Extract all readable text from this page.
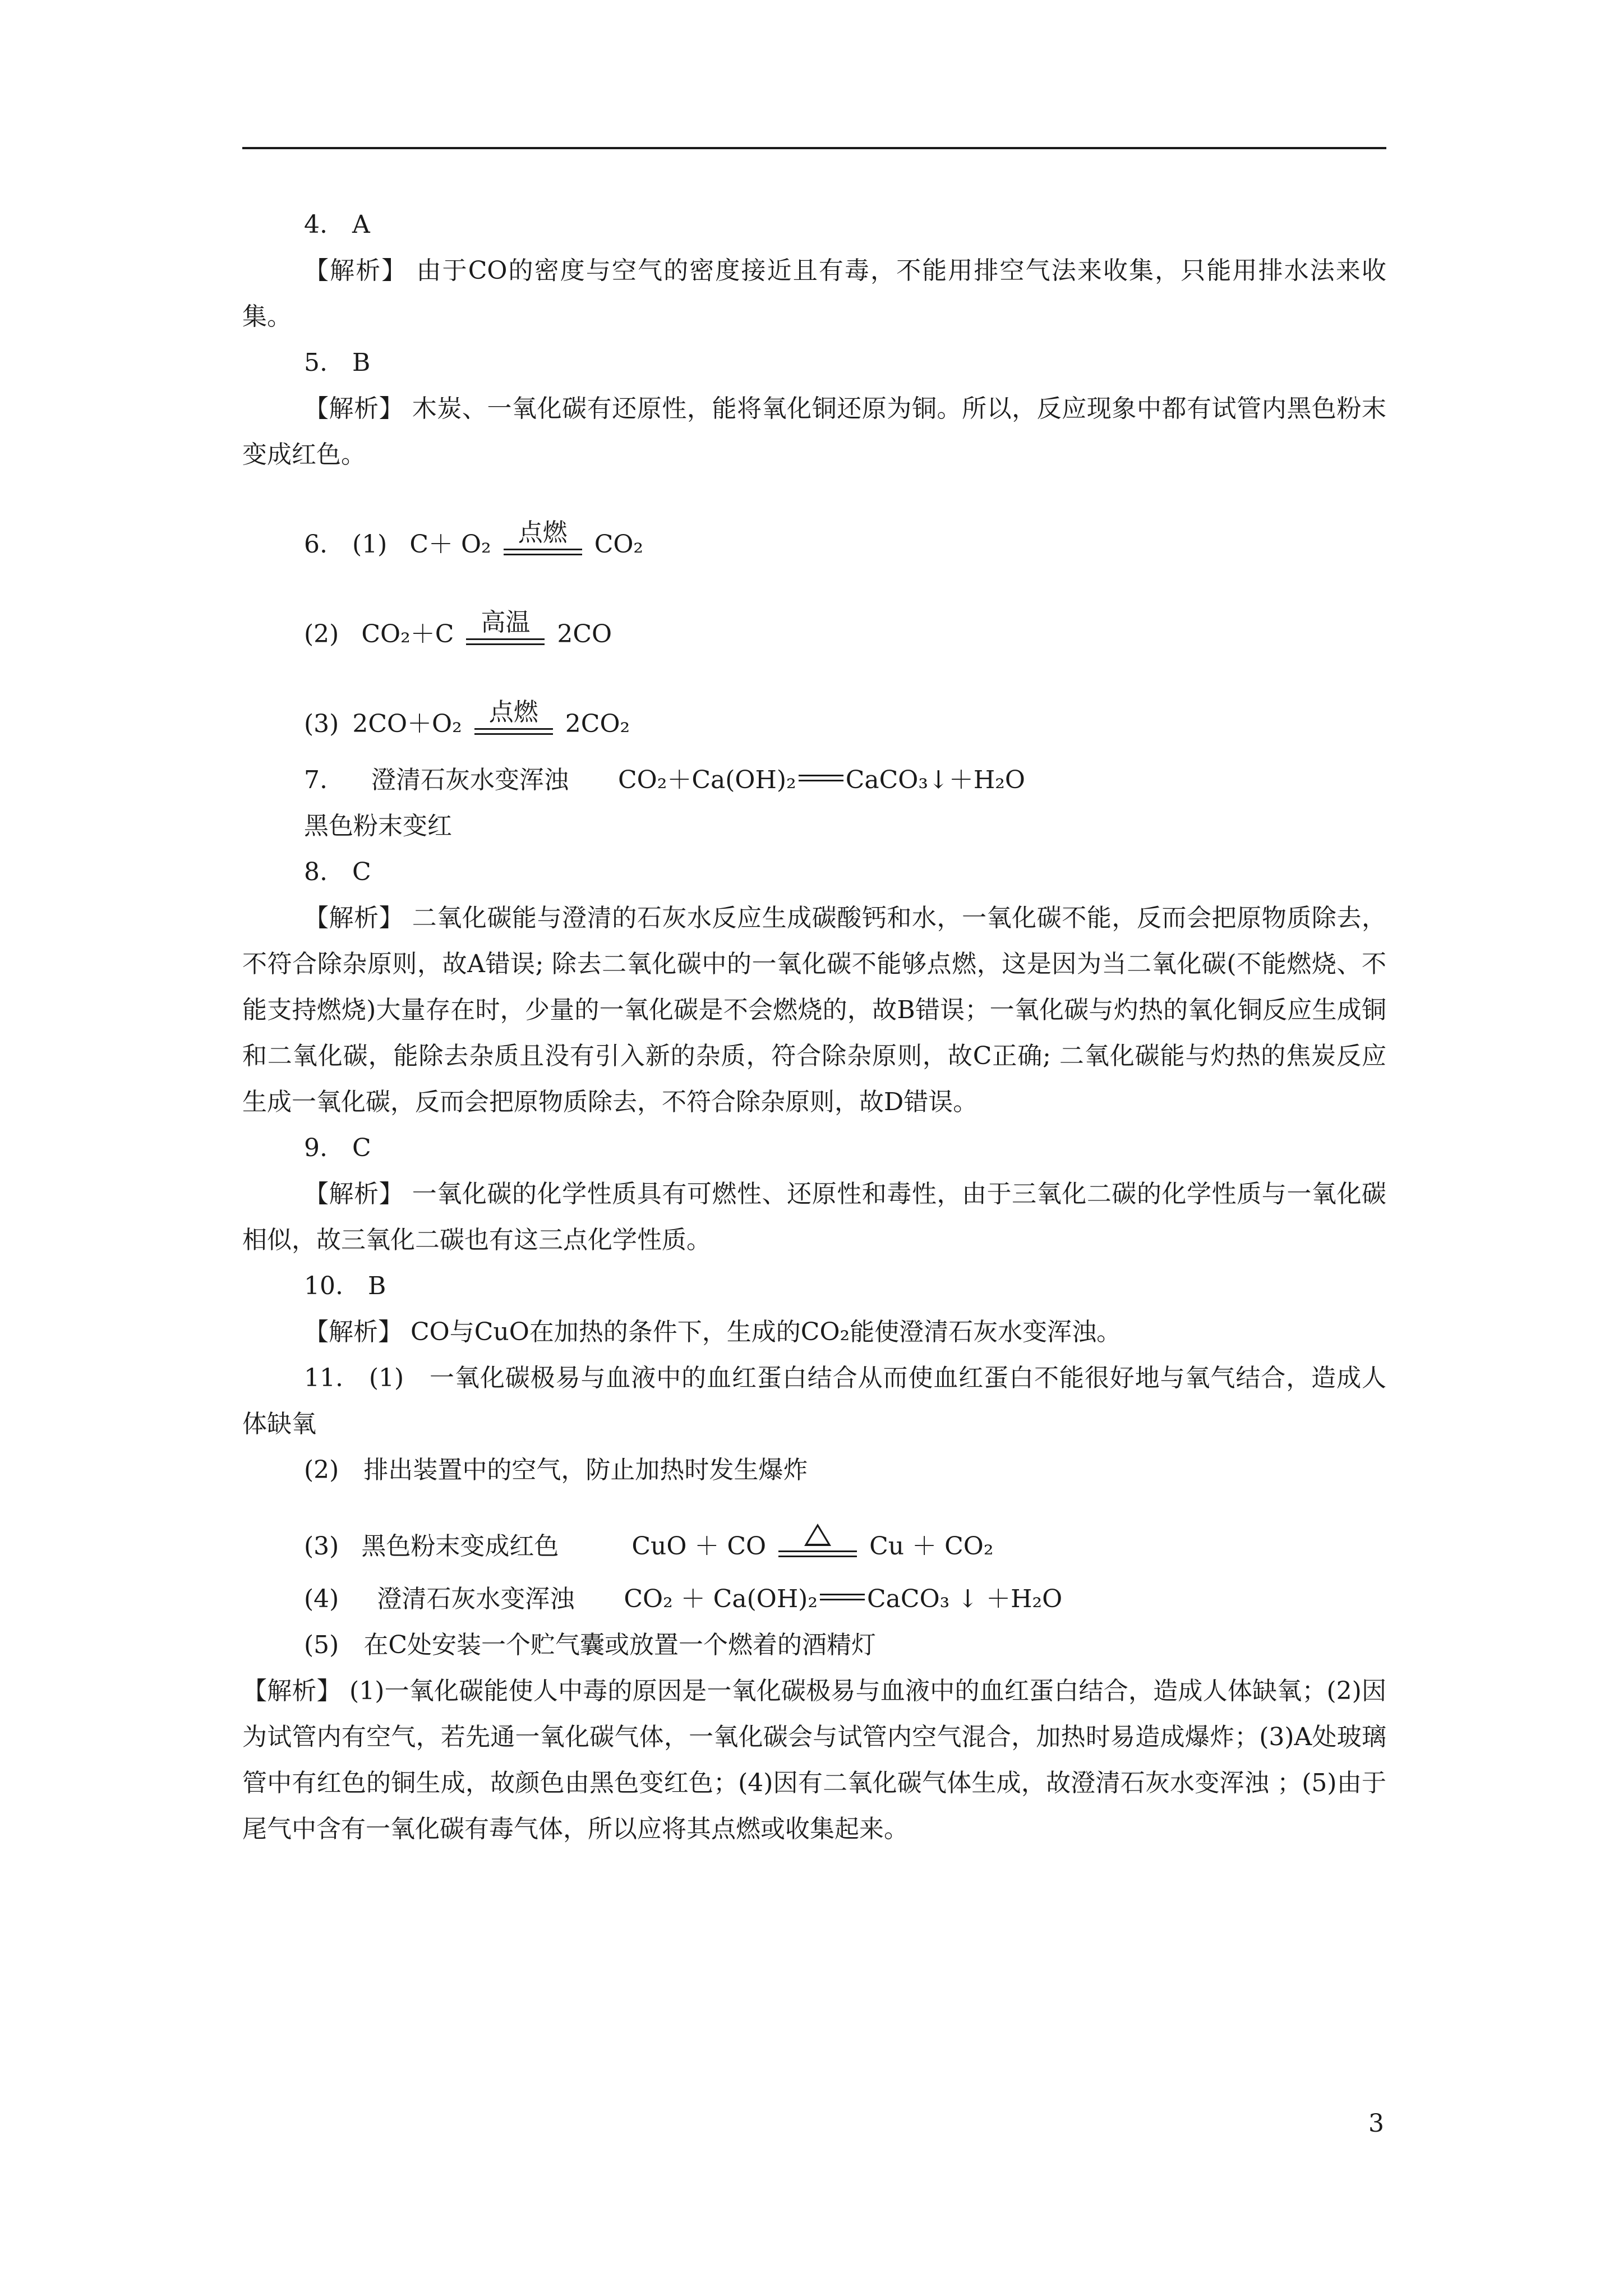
4.　A
【解析】 由于CO的密度与空气的密度接近且有毒，不能用排空气法来收集，只能用排水法来收集。
5.　B
【解析】 木炭、一氧化碳有还原性，能将氧化铜还原为铜。所以，反应现象中都有试管内黑色粉末变成红色。
6.　(1) C＋ O₂ 点燃 CO₂
(2) CO₂＋C 高温 2CO
(3) 2CO＋O₂ 点燃 2CO₂
7. 澄清石灰水变浑浊 CO₂＋Ca(OH)₂ CaCO₃↓＋H₂O
黑色粉末变红
8.　C
【解析】 二氧化碳能与澄清的石灰水反应生成碳酸钙和水，一氧化碳不能，反而会把原物质除去，不符合除杂原则，故A错误; 除去二氧化碳中的一氧化碳不能够点燃，这是因为当二氧化碳(不能燃烧、不能支持燃烧)大量存在时，少量的一氧化碳是不会燃烧的，故B错误；一氧化碳与灼热的氧化铜反应生成铜和二氧化碳，能除去杂质且没有引入新的杂质，符合除杂原则，故C正确; 二氧化碳能与灼热的焦炭反应生成一氧化碳，反而会把原物质除去，不符合除杂原则，故D错误。
9.　C
【解析】 一氧化碳的化学性质具有可燃性、还原性和毒性，由于三氧化二碳的化学性质与一氧化碳相似，故三氧化二碳也有这三点化学性质。
10.　B
【解析】 CO与CuO在加热的条件下，生成的CO₂能使澄清石灰水变浑浊。
11.　(1)　一氧化碳极易与血液中的血红蛋白结合从而使血红蛋白不能很好地与氧气结合，造成人体缺氧
(2)　排出装置中的空气，防止加热时发生爆炸
(3) 黑色粉末变成红色	CuO ＋ CO	Cu ＋ CO₂
(4) 澄清石灰水变浑浊 CO₂ ＋ Ca(OH)₂ CaCO₃ ↓ ＋H₂O
(5)　在C处安装一个贮气囊或放置一个燃着的酒精灯
【解析】 (1)一氧化碳能使人中毒的原因是一氧化碳极易与血液中的血红蛋白结合，造成人体缺氧；(2)因为试管内有空气，若先通一氧化碳气体，一氧化碳会与试管内空气混合，加热时易造成爆炸；(3)A处玻璃管中有红色的铜生成，故颜色由黑色变红色；(4)因有二氧化碳气体生成，故澄清石灰水变浑浊 ；(5)由于尾气中含有一氧化碳有毒气体，所以应将其点燃或收集起来。
3
